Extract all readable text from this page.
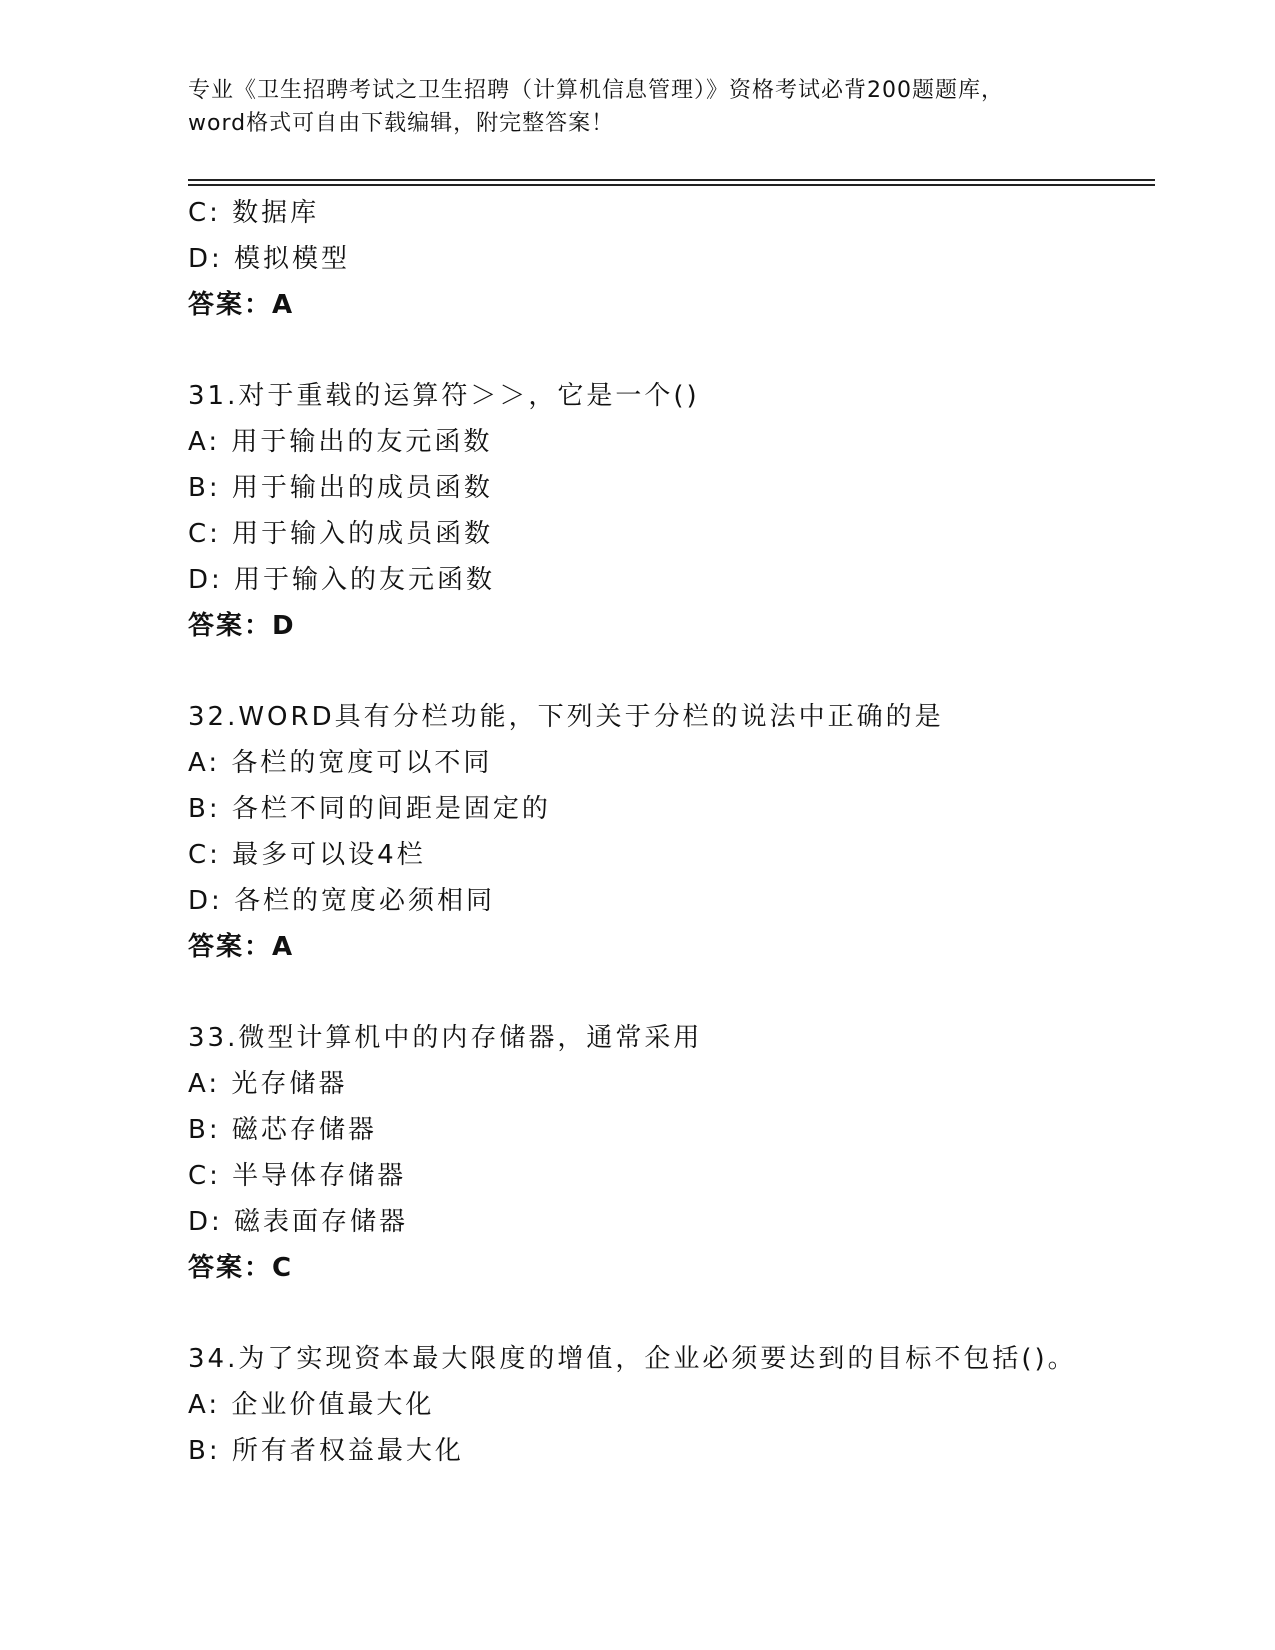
专业《卫生招聘考试之卫生招聘（计算机信息管理）》资格考试必背200题题库，
word格式可自由下载编辑，附完整答案！
C: 数据库
D: 模拟模型
答案：A
31.对于重载的运算符＞＞，它是一个()
A: 用于输出的友元函数
B: 用于输出的成员函数
C: 用于输入的成员函数
D: 用于输入的友元函数
答案：D
32.WORD具有分栏功能，下列关于分栏的说法中正确的是
A: 各栏的宽度可以不同
B: 各栏不同的间距是固定的
C: 最多可以设4栏
D: 各栏的宽度必须相同
答案：A
33.微型计算机中的内存储器，通常采用
A: 光存储器
B: 磁芯存储器
C: 半导体存储器
D: 磁表面存储器
答案：C
34.为了实现资本最大限度的增值，企业必须要达到的目标不包括()。
A: 企业价值最大化
B: 所有者权益最大化
